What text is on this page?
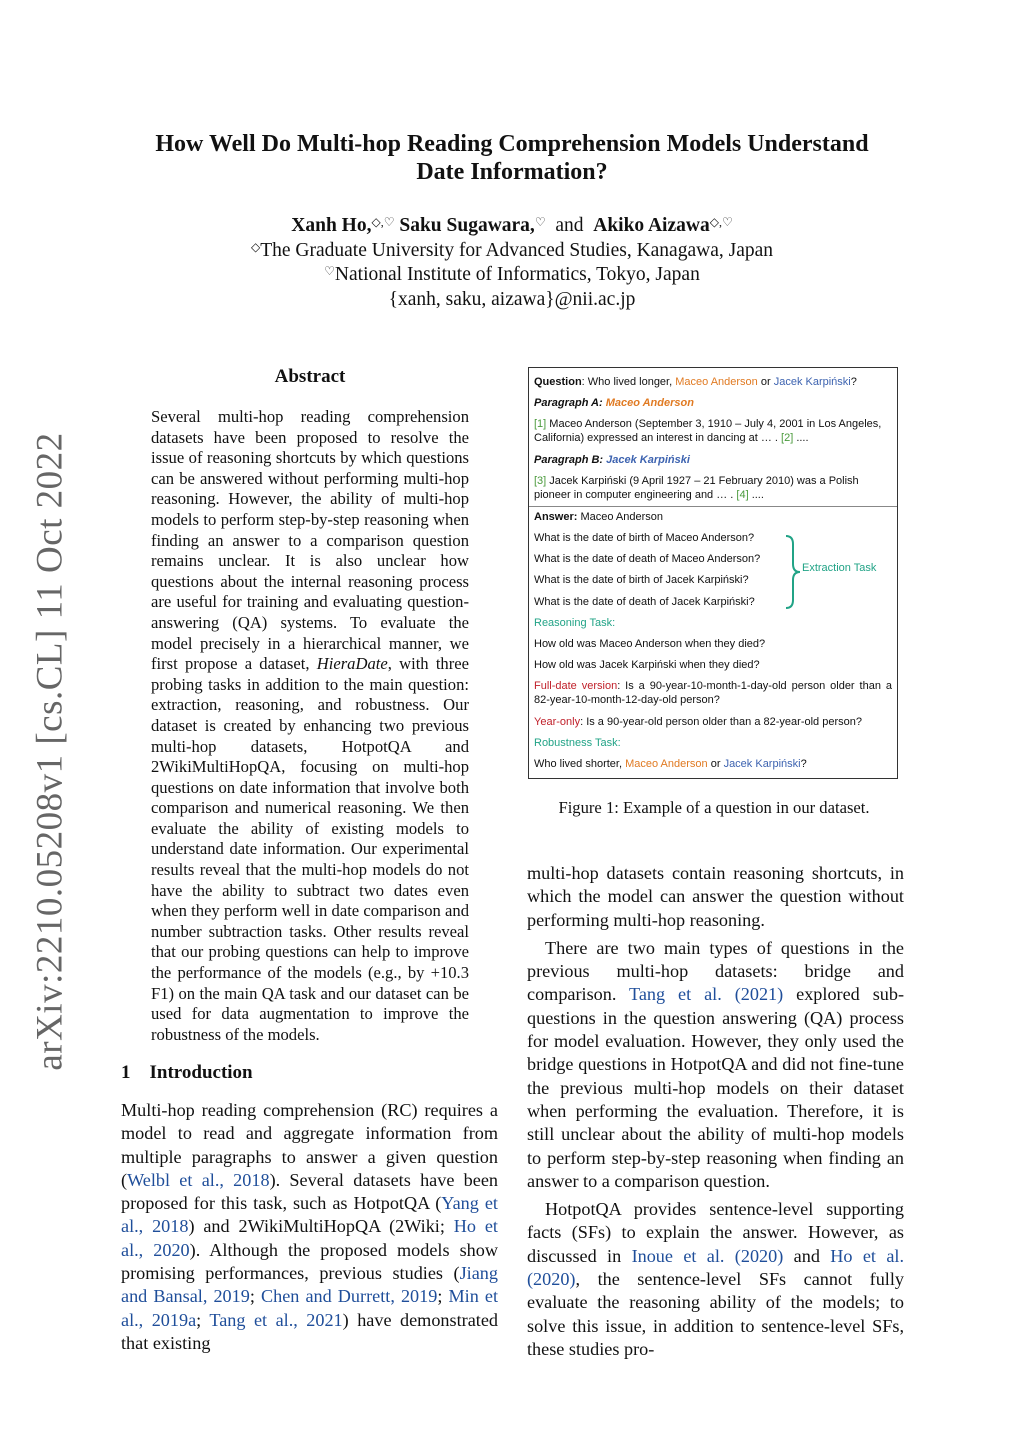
arXiv:2210.05208v1 [cs.CL] 11 Oct 2022
How Well Do Multi-hop Reading Comprehension Models Understand
Date Information?
Xanh Ho,◇,♡ Saku Sugawara,♡ and Akiko Aizawa◇,♡
◇The Graduate University for Advanced Studies, Kanagawa, Japan
♡National Institute of Informatics, Tokyo, Japan
{xanh, saku, aizawa}@nii.ac.jp
Abstract
Several multi-hop reading comprehension datasets have been proposed to resolve the issue of reasoning shortcuts by which questions can be answered without performing multi-hop reasoning. However, the ability of multi-hop models to perform step-by-step reasoning when finding an answer to a comparison question remains unclear. It is also unclear how questions about the internal reasoning process are useful for training and evaluating question-answering (QA) systems. To evaluate the model precisely in a hierarchical manner, we first propose a dataset, HieraDate, with three probing tasks in addition to the main question: extraction, reasoning, and robustness. Our dataset is created by enhancing two previous multi-hop datasets, HotpotQA and 2WikiMultiHopQA, focusing on multi-hop questions on date information that involve both comparison and numerical reasoning. We then evaluate the ability of existing models to understand date information. Our experimental results reveal that the multi-hop models do not have the ability to subtract two dates even when they perform well in date comparison and number subtraction tasks. Other results reveal that our probing questions can help to improve the performance of the models (e.g., by +10.3 F1) on the main QA task and our dataset can be used for data augmentation to improve the robustness of the models.
1    Introduction
Multi-hop reading comprehension (RC) requires a model to read and aggregate information from multiple paragraphs to answer a given question (Welbl et al., 2018). Several datasets have been proposed for this task, such as HotpotQA (Yang et al., 2018) and 2WikiMultiHopQA (2Wiki; Ho et al., 2020). Although the proposed models show promising performances, previous studies (Jiang and Bansal, 2019; Chen and Durrett, 2019; Min et al., 2019a; Tang et al., 2021) have demonstrated that existing
Question: Who lived longer, Maceo Anderson or Jacek Karpiński?
Paragraph A: Maceo Anderson
[1] Maceo Anderson (September 3, 1910 – July 4, 2001 in Los Angeles, California) expressed an interest in dancing at … . [2] ....
Paragraph B: Jacek Karpiński
[3] Jacek Karpiński (9 April 1927 – 21 February 2010) was a Polish pioneer in computer engineering and … . [4] ....
Answer: Maceo Anderson
What is the date of birth of Maceo Anderson?
What is the date of death of Maceo Anderson?
What is the date of birth of Jacek Karpiński?
What is the date of death of Jacek Karpiński?
Extraction Task
Reasoning Task:
How old was Maceo Anderson when they died?
How old was Jacek Karpiński when they died?
Full-date version: Is a 90-year-10-month-1-day-old person older than a 82-year-10-month-12-day-old person?
Year-only: Is a 90-year-old person older than a 82-year-old person?
Robustness Task:
Who lived shorter, Maceo Anderson or Jacek Karpiński?
Figure 1: Example of a question in our dataset.

multi-hop datasets contain reasoning shortcuts, in which the model can answer the question without performing multi-hop reasoning.

There are two main types of questions in the previous multi-hop datasets: bridge and comparison. Tang et al. (2021) explored sub-questions in the question answering (QA) process for model evaluation. However, they only used the bridge questions in HotpotQA and did not fine-tune the previous multi-hop models on their dataset when performing the evaluation. Therefore, it is still unclear about the ability of multi-hop models to perform step-by-step reasoning when finding an answer to a comparison question.

HotpotQA provides sentence-level supporting facts (SFs) to explain the answer. However, as discussed in Inoue et al. (2020) and Ho et al. (2020), the sentence-level SFs cannot fully evaluate the reasoning ability of the models; to solve this issue, in addition to sentence-level SFs, these studies pro-
